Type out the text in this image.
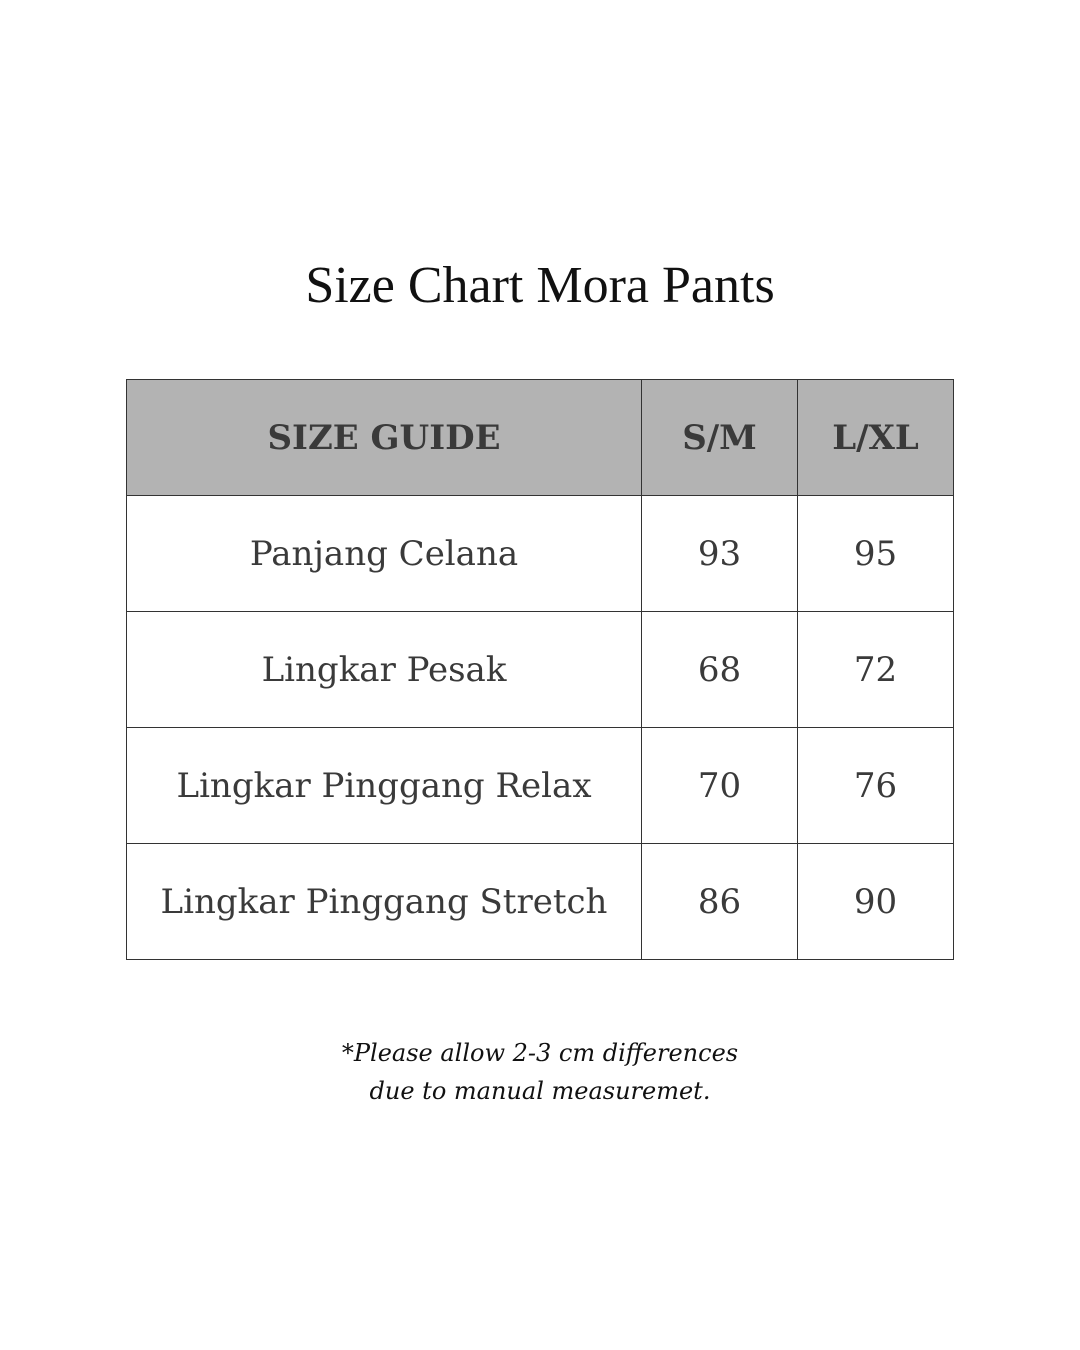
Size Chart Mora Pants
SIZE GUIDE	S/M	L/XL
Panjang Celana	93	95
Lingkar Pesak	68	72
Lingkar Pinggang Relax	70	76
Lingkar Pinggang Stretch	86	90
*Please allow 2-3 cm differences
due to manual measuremet.
